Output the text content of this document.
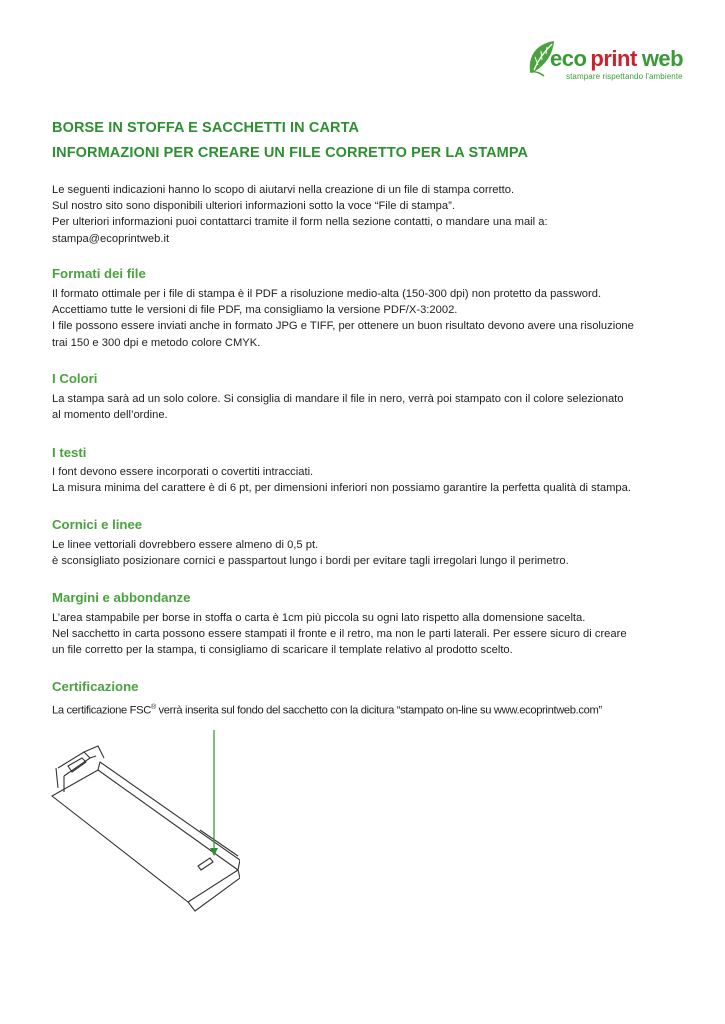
eco print web
stampare rispettando l'ambiente
BORSE IN STOFFA E SACCHETTI IN CARTA
INFORMAZIONI PER CREARE UN FILE CORRETTO PER LA STAMPA
Le seguenti indicazioni hanno lo scopo di aiutarvi nella creazione di un file di stampa corretto.
Sul nostro sito sono disponibili ulteriori informazioni sotto la voce “File di stampa”.
Per ulteriori informazioni puoi contattarci tramite il form nella sezione contatti, o mandare una mail a:
stampa@ecoprintweb.it
Formati dei file
Il formato ottimale per i file di stampa è il PDF a risoluzione medio-alta (150-300 dpi) non protetto da password.
Accettiamo tutte le versioni di file PDF, ma consigliamo la versione PDF/X-3:2002.
I file possono essere inviati anche in formato JPG e TIFF, per ottenere un buon risultato devono avere una risoluzione
trai 150 e 300 dpi e metodo colore CMYK.
I Colori
La stampa sarà ad un solo colore. Si consiglia di mandare il file in nero, verrà poi stampato con il colore selezionato
al momento dell’ordine.
I testi
I font devono essere incorporati o covertiti intracciati.
La misura minima del carattere è di 6 pt, per dimensioni inferiori non possiamo garantire la perfetta qualità di stampa.
Cornici e linee
Le linee vettoriali dovrebbero essere almeno di 0,5 pt.
è sconsigliato posizionare cornici e passpartout lungo i bordi per evitare tagli irregolari lungo il perimetro.
Margini e abbondanze
L’area stampabile per borse in stoffa o carta è 1cm più piccola su ogni lato rispetto alla domensione sacelta.
Nel sacchetto in carta possono essere stampati il fronte e il retro, ma non le parti laterali. Per essere sicuro di creare
un file corretto per la stampa, ti consigliamo di scaricare il template relativo al prodotto scelto.
Certificazione
La certificazione FSC® verrà inserita sul fondo del sacchetto con la dicitura “stampato on-line su www.ecoprintweb.com”
